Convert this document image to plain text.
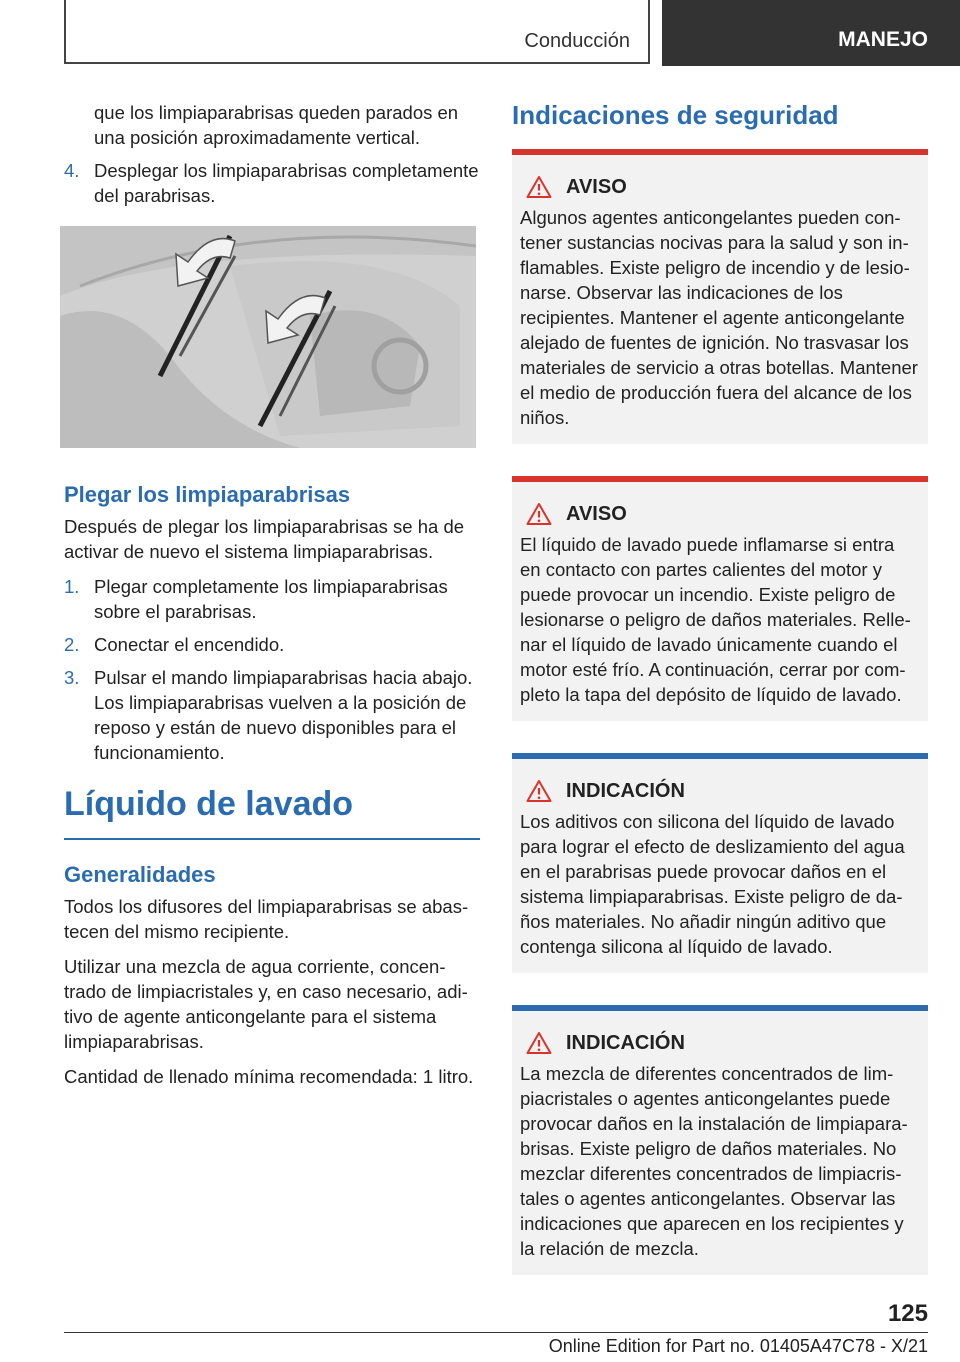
Conducción	MANEJO

que los limpiaparabrisas queden parados en una posición aproximadamente vertical.

4. Desplegar los limpiaparabrisas completamente del parabrisas.
Plegar los limpiaparabrisas

Después de plegar los limpiaparabrisas se ha de activar de nuevo el sistema limpiaparabrisas.

1. Plegar completamente los limpiaparabrisas sobre el parabrisas.
2. Conectar el encendido.
3. Pulsar el mando limpiaparabrisas hacia abajo. Los limpiaparabrisas vuelven a la posición de reposo y están de nuevo disponibles para el funcionamiento.
Líquido de lavado
Generalidades

Todos los difusores del limpiaparabrisas se abastecen del mismo recipiente.

Utilizar una mezcla de agua corriente, concentrado de limpiacristales y, en caso necesario, aditivo de agente anticongelante para el sistema limpiaparabrisas.

Cantidad de llenado mínima recomendada: 1 litro.

Indicaciones de seguridad
AVISO

Algunos agentes anticongelantes pueden contener sustancias nocivas para la salud y son inflamables. Existe peligro de incendio y de lesionarse. Observar las indicaciones de los recipientes. Mantener el agente anticongelante alejado de fuentes de ignición. No trasvasar los materiales de servicio a otras botellas. Mantener el medio de producción fuera del alcance de los niños.

AVISO

El líquido de lavado puede inflamarse si entra en contacto con partes calientes del motor y puede provocar un incendio. Existe peligro de lesionarse o peligro de daños materiales. Rellenar el líquido de lavado únicamente cuando el motor esté frío. A continuación, cerrar por completo la tapa del depósito de líquido de lavado.

INDICACIÓN

Los aditivos con silicona del líquido de lavado para lograr el efecto de deslizamiento del agua en el parabrisas puede provocar daños en el sistema limpiaparabrisas. Existe peligro de daños materiales. No añadir ningún aditivo que contenga silicona al líquido de lavado.

INDICACIÓN

La mezcla de diferentes concentrados de limpiacristales o agentes anticongelantes puede provocar daños en la instalación de limpiaparabrisas. Existe peligro de daños materiales. No mezclar diferentes concentrados de limpiacristales o agentes anticongelantes. Observar las indicaciones que aparecen en los recipientes y la relación de mezcla.

125
Online Edition for Part no. 01405A47C78 - X/21
